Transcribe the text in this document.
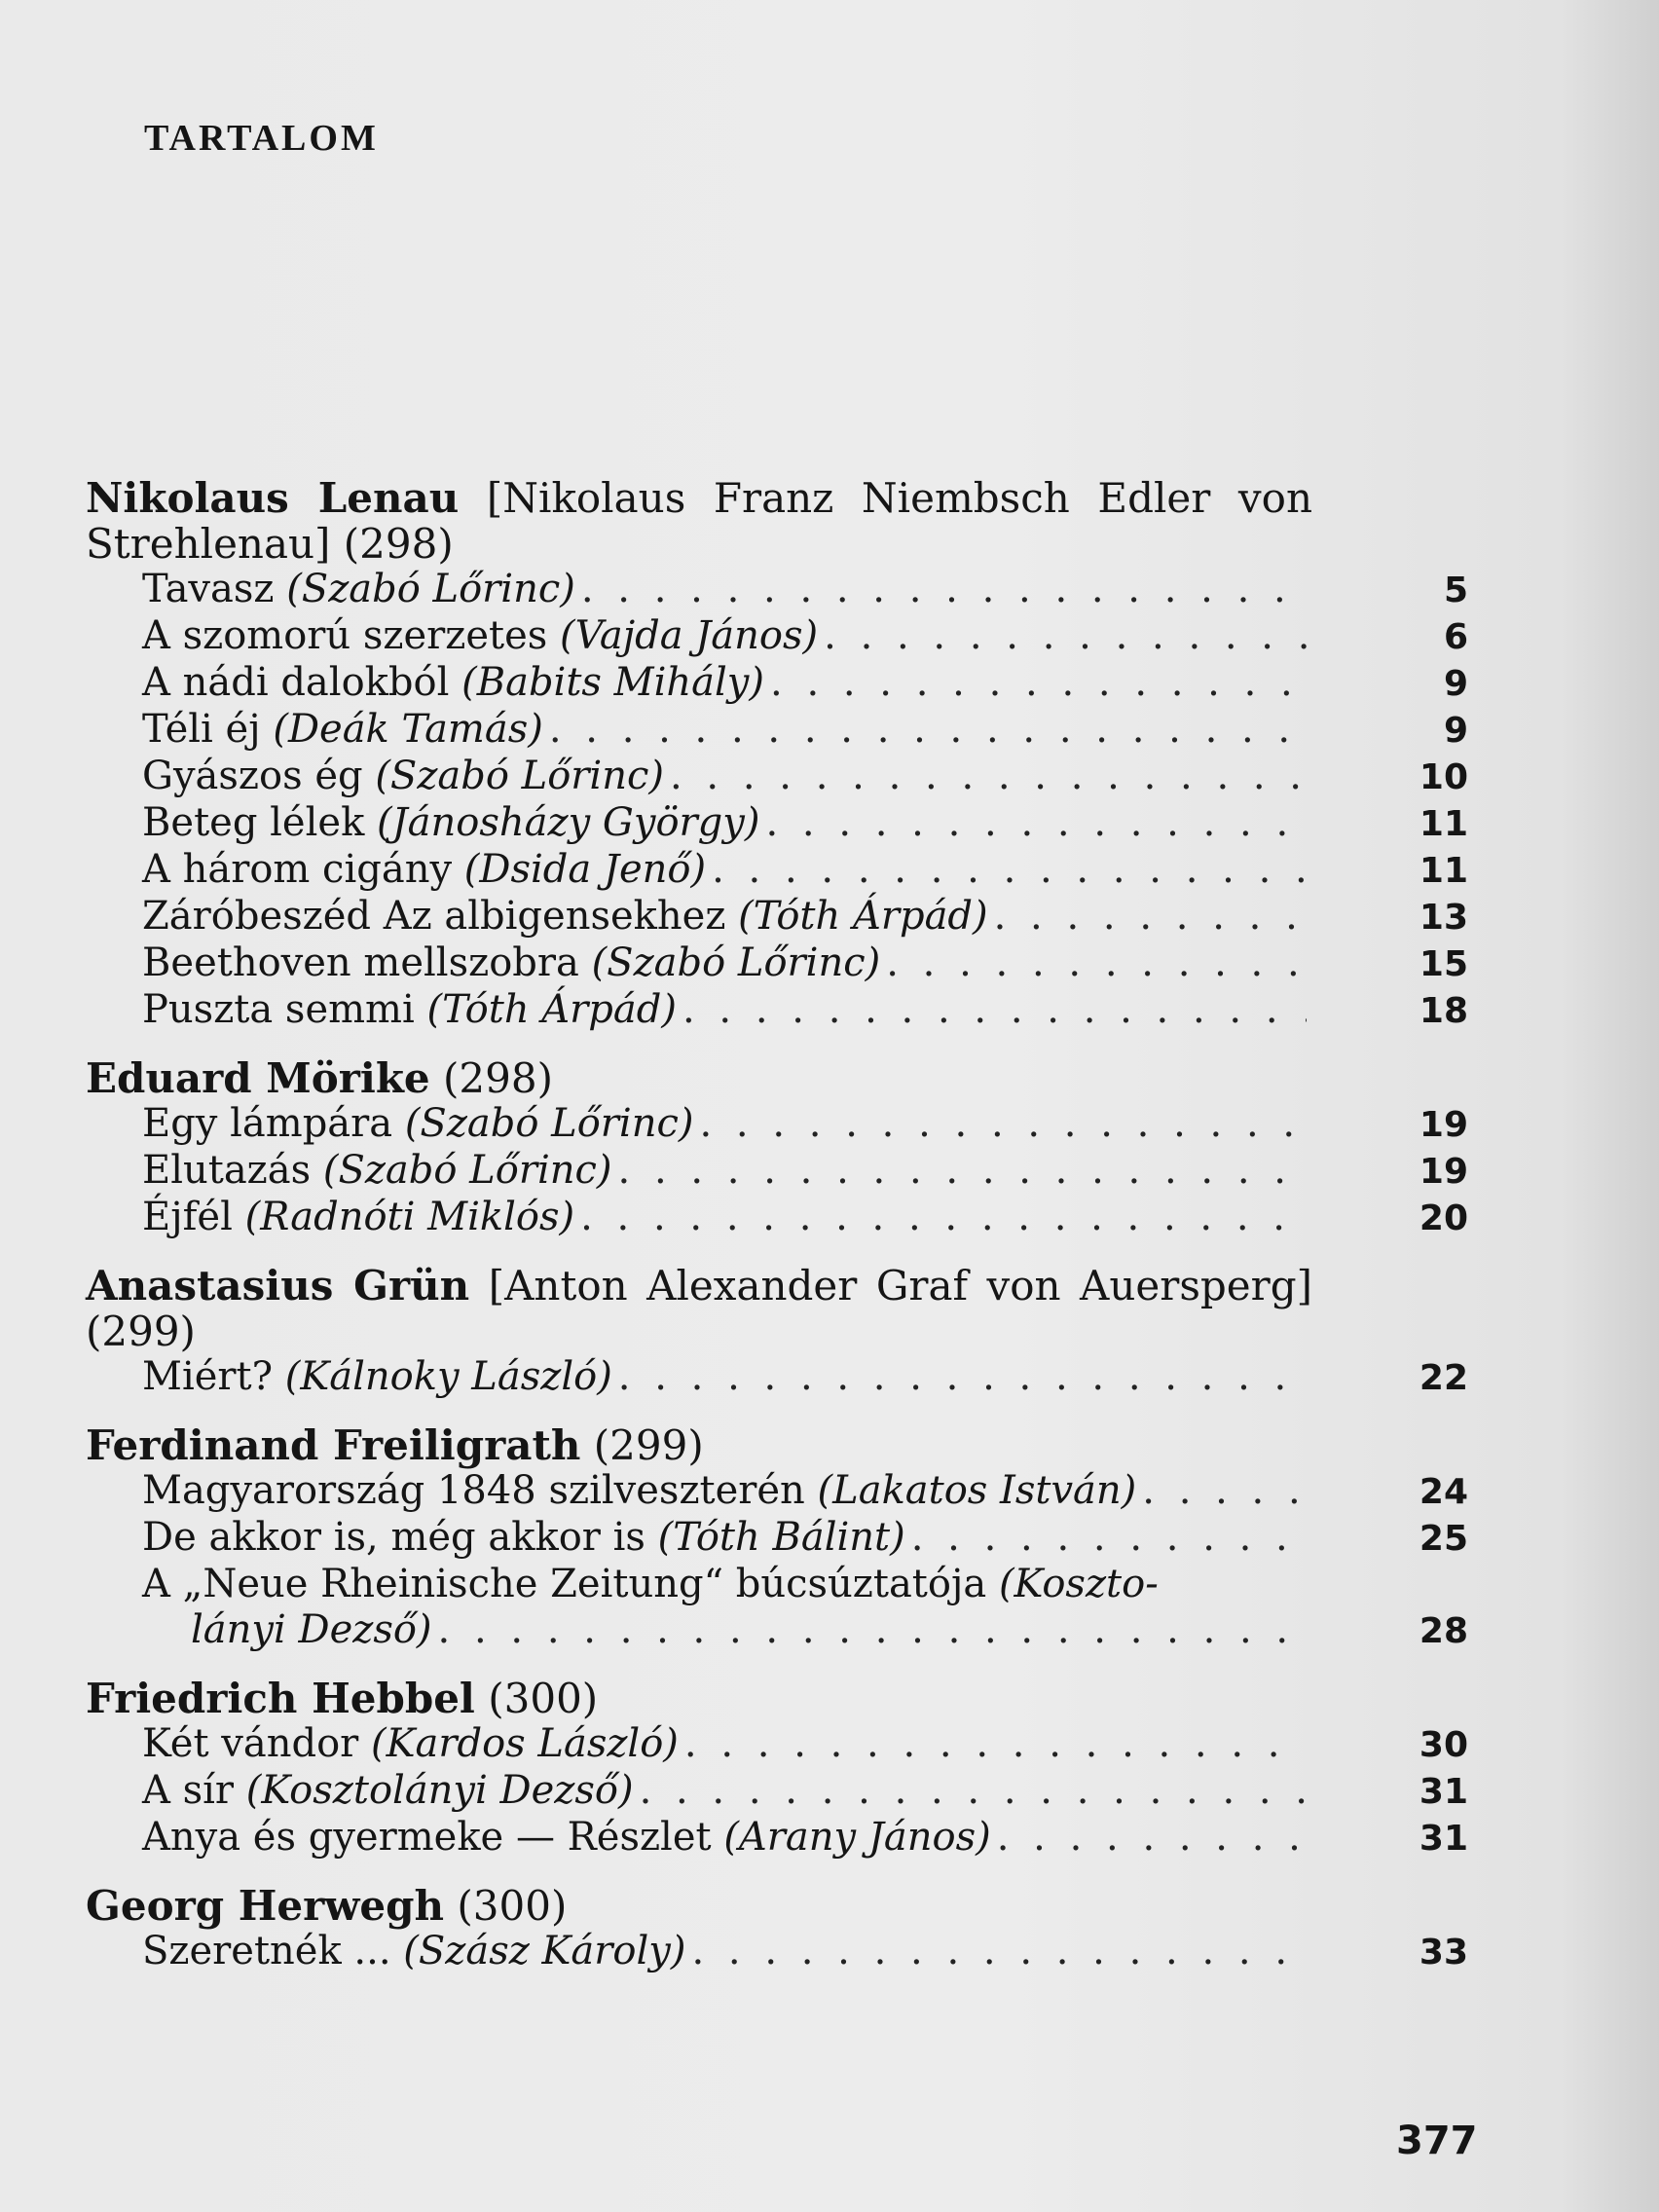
TARTALOM
Nikolaus Lenau [Nikolaus Franz Niembsch Edler von Strehlenau] (298)
Tavasz (Szabó Lőrinc) . . .	5
A szomorú szerzetes (Vajda János) . . .	6
A nádi dalokból (Babits Mihály) . . .	9
Téli éj (Deák Tamás) . . .	9
Gyászos ég (Szabó Lőrinc) . . .	10
Beteg lélek (Jánosházy György) . . .	11
A három cigány (Dsida Jenő) . . .	11
Záróbeszéd Az albigensekhez (Tóth Árpád) . . .	13
Beethoven mellszobra (Szabó Lőrinc) . . .	15
Puszta semmi (Tóth Árpád) . . .	18
Eduard Mörike (298)
Egy lámpára (Szabó Lőrinc) . . .	19
Elutazás (Szabó Lőrinc) . . .	19
Éjfél (Radnóti Miklós) . . .	20
Anastasius Grün [Anton Alexander Graf von Auersperg] (299)
Miért? (Kálnoky László) . . .	22
Ferdinand Freiligrath (299)
Magyarország 1848 szilveszterén (Lakatos István) . . .	24
De akkor is, még akkor is (Tóth Bálint) . . .	25
A „Neue Rheinische Zeitung“ búcsúztatója (Koszto-
lányi Dezső) . . .	28
Friedrich Hebbel (300)
Két vándor (Kardos László) . . .	30
A sír (Kosztolányi Dezső) . . .	31
Anya és gyermeke — Részlet (Arany János) . . .	31
Georg Herwegh (300)
Szeretnék ... (Szász Károly) . . .	33
377
